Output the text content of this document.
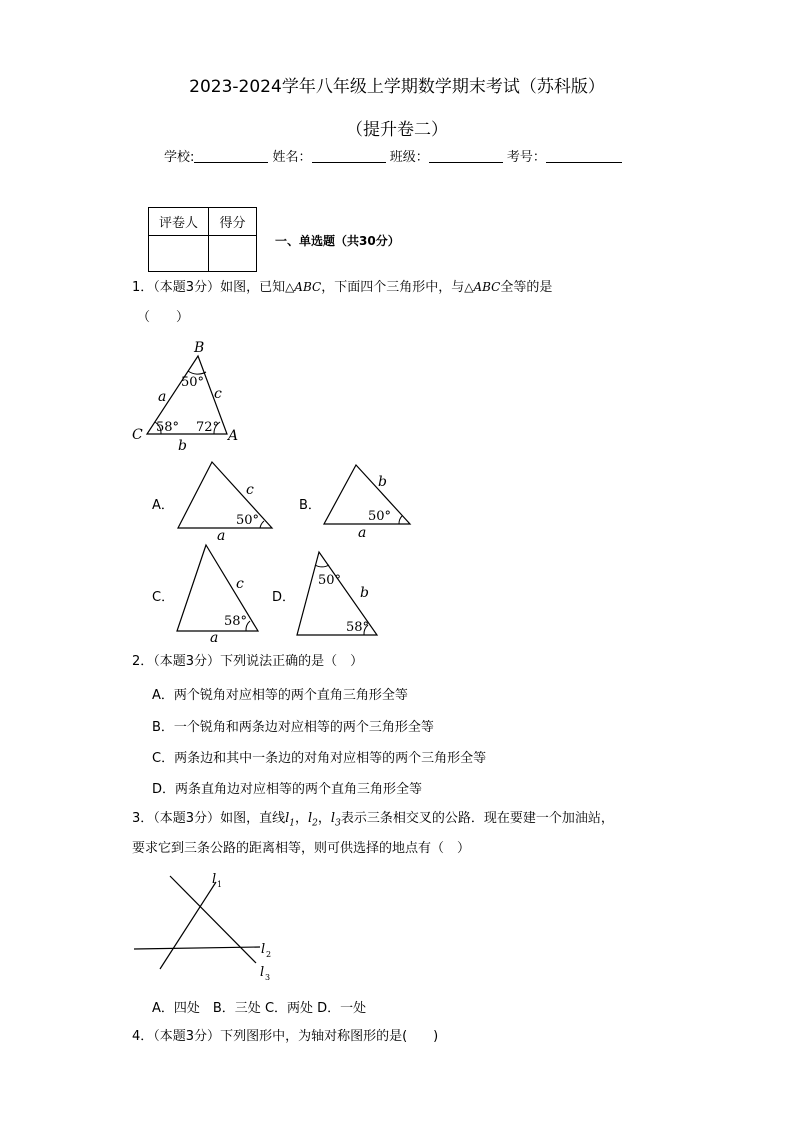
2023-2024学年八年级上学期数学期末考试（苏科版）
（提升卷二）
学校:	姓名：	班级：	考号：
评卷人	得分

一、单选题（共30分）
1．（本题3分）如图，已知△ABC，下面四个三角形中，与△ABC全等的是
（　　）
B
C	A
50°
58° 72°
a	c
b
A．
50°
c
a
B．
50°
b
a
C．
58°
c
a
D．
50°
58°
b
2．（本题3分）下列说法正确的是（　）
A．两个锐角对应相等的两个直角三角形全等
B．一个锐角和两条边对应相等的两个三角形全等
C．两条边和其中一条边的对角对应相等的两个三角形全等
D．两条直角边对应相等的两个直角三角形全等
3．（本题3分）如图，直线$l_1$，$l_2$，$l_3$表示三条相交叉的公路．现在要建一个加油站，
要求它到三条公路的距离相等，则可供选择的地点有（　）
l 1
l 2
l 3
A．四处　B．三处 C．两处 D．一处
4．（本题3分）下列图形中，为轴对称图形的是(　　)
